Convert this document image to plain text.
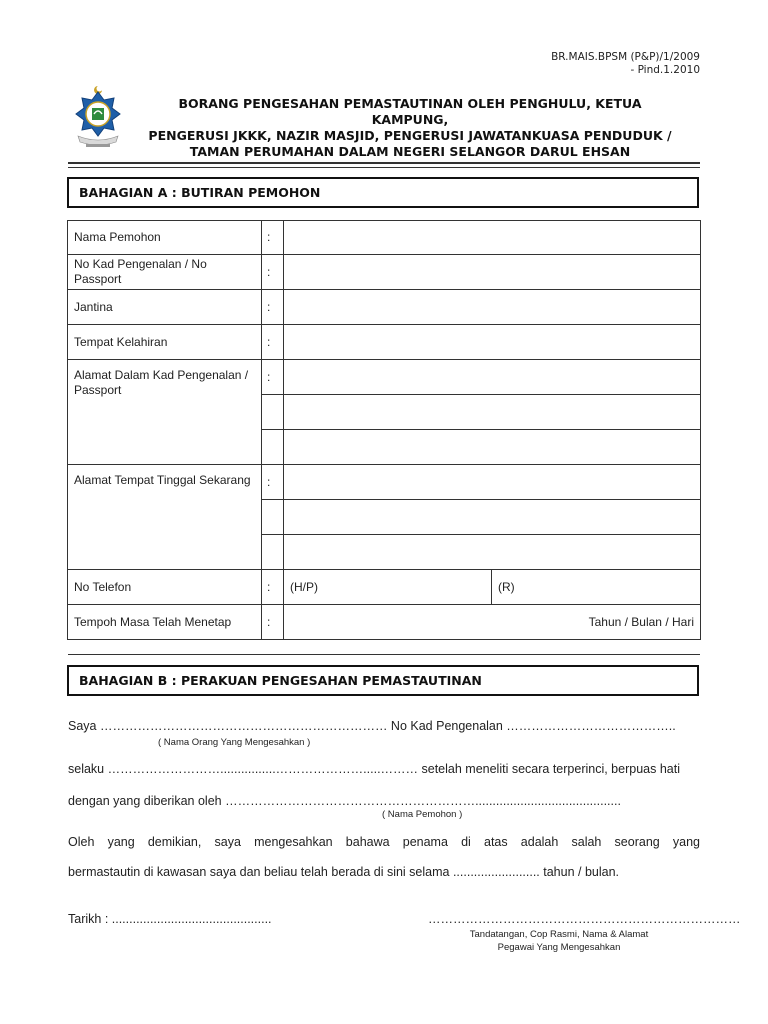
BR.MAIS.BPSM (P&P)/1/2009
- Pind.1.2010
BORANG PENGESAHAN PEMASTAUTINAN OLEH PENGHULU, KETUA KAMPUNG,
PENGERUSI JKKK, NAZIR MASJID, PENGERUSI JAWATANKUASA PENDUDUK /
TAMAN PERUMAHAN DALAM NEGERI SELANGOR DARUL EHSAN
BAHAGIAN A : BUTIRAN PEMOHON
Nama Pemohon	:		
No Kad Pengenalan / No Passport	:		
Jantina	:		
Tempat Kelahiran	:		
Alamat Dalam Kad Pengenalan / Passport	:		

Alamat Tempat Tinggal Sekarang	:		

No Telefon	:	(H/P)	(R)
Tempoh Masa Telah Menetap	:	Tahun / Bulan / Hari	
BAHAGIAN B : PERAKUAN PENGESAHAN PEMASTAUTINAN
Saya …………………………………………………………… No Kad Pengenalan …………………………………..
( Nama Orang Yang Mengesahkan )
selaku ………………………................………………….....……… setelah meneliti secara terperinci, berpuas hati
dengan yang diberikan oleh ……………………………………………………..........................................
( Nama Pemohon )
Oleh yang demikian, saya mengesahkan bahawa penama di atas adalah salah seorang yang
bermastautin di kawasan saya dan beliau telah berada di sini selama ......................... tahun / bulan.
Tarikh : ..............................................	…………………………………………………………………
Tandatangan, Cop Rasmi, Nama & Alamat
Pegawai Yang Mengesahkan
